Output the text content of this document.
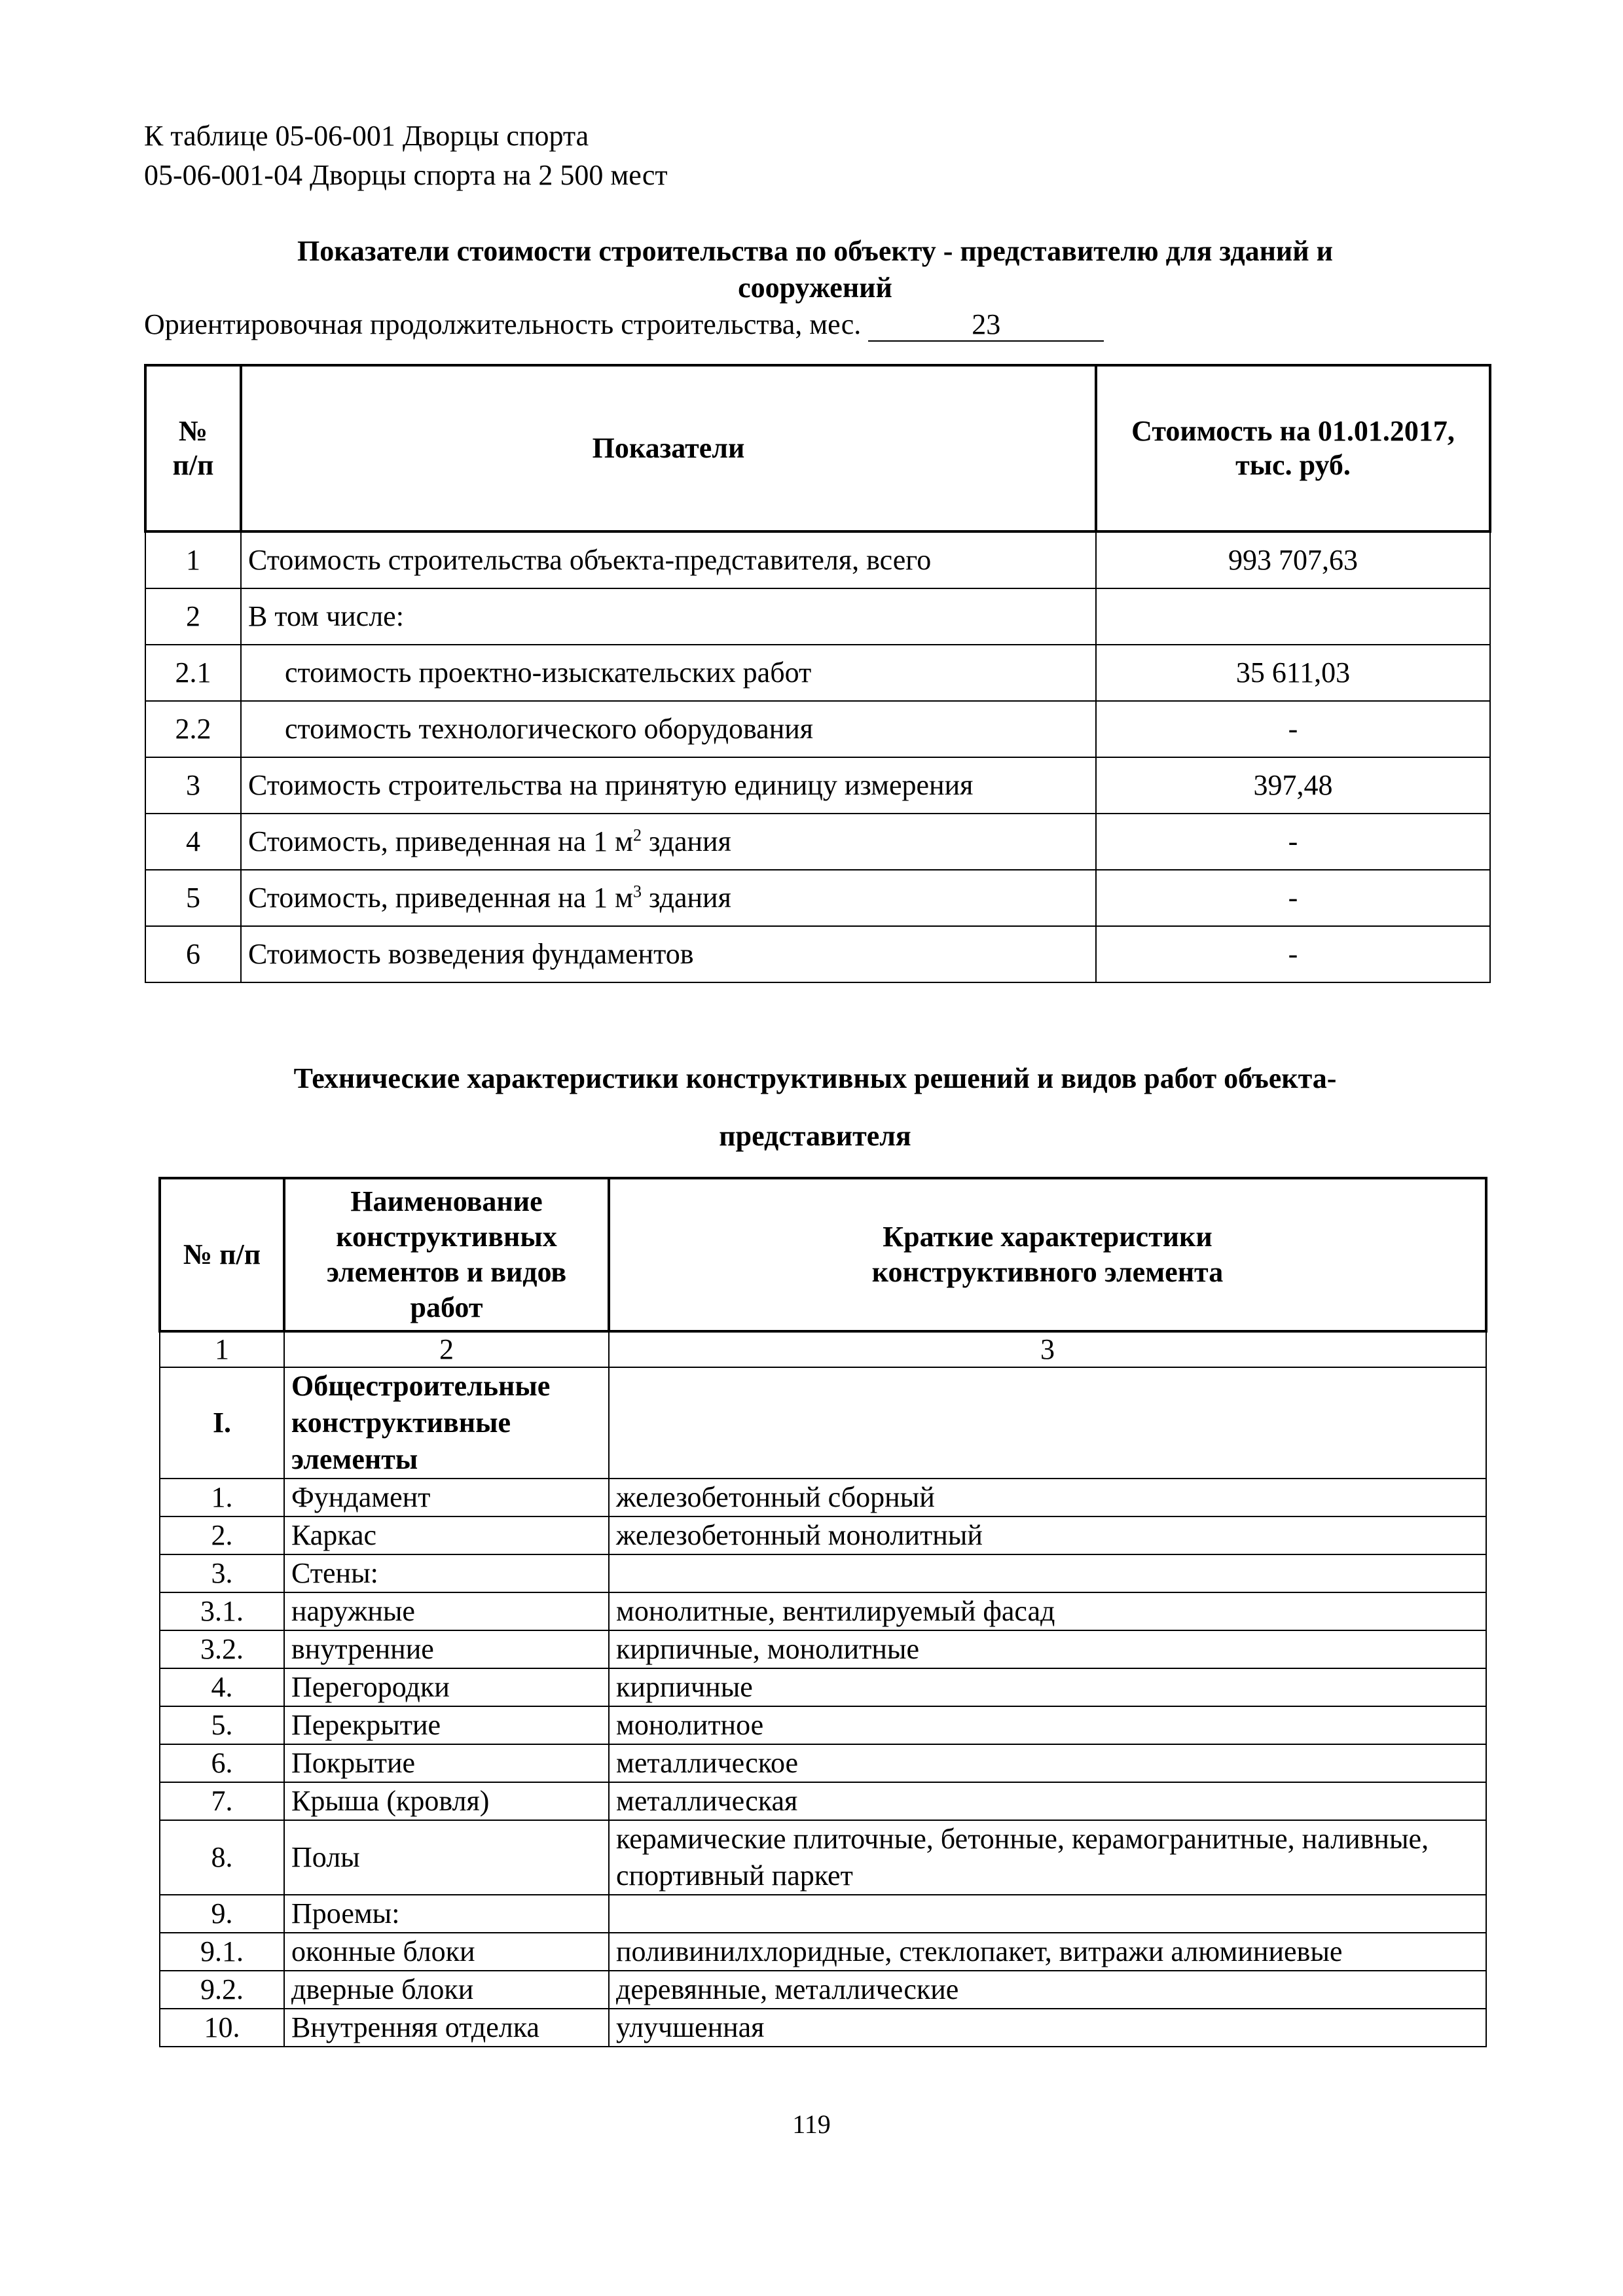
К таблице 05-06-001 Дворцы спорта
05-06-001-04 Дворцы спорта на 2 500 мест
Показатели стоимости строительства по объекту - представителю для зданий и
сооружений
Ориентировочная продолжительность строительства, мес.	23
№ п/п	Показатели	Стоимость на 01.01.2017,
тыс. руб.

1	Стоимость строительства объекта-представителя, всего	993 707,63
2	В том числе:	
2.1	стоимость проектно-изыскательских работ	35 611,03
2.2	стоимость технологического оборудования	-
3	Стоимость строительства на принятую единицу измерения	397,48
4	Стоимость, приведенная на 1 $м^2$ здания	-
5	Стоимость, приведенная на 1 $м^3$ здания	-
6	Стоимость возведения фундаментов	-
Технические характеристики конструктивных решений и видов работ объекта-
представителя
№ п/п	Наименование конструктивных элементов и видов работ	Краткие характеристики
конструктивного элемента

1	2	3
I.	Общестроительные конструктивные элементы	
1.	Фундамент	железобетонный сборный
2.	Каркас	железобетонный монолитный
3.	Стены:	
3.1.	наружные	монолитные, вентилируемый фасад
3.2.	внутренние	кирпичные, монолитные
4.	Перегородки	кирпичные
5.	Перекрытие	монолитное
6.	Покрытие	металлическое
7.	Крыша (кровля)	металлическая
8.	Полы	керамические плиточные, бетонные, керамогранитные, наливные, спортивный паркет
9.	Проемы:	
9.1.	оконные блоки	поливинилхлоридные, стеклопакет, витражи алюминиевые
9.2.	дверные блоки	деревянные, металлические
10.	Внутренняя отделка	улучшенная
119
